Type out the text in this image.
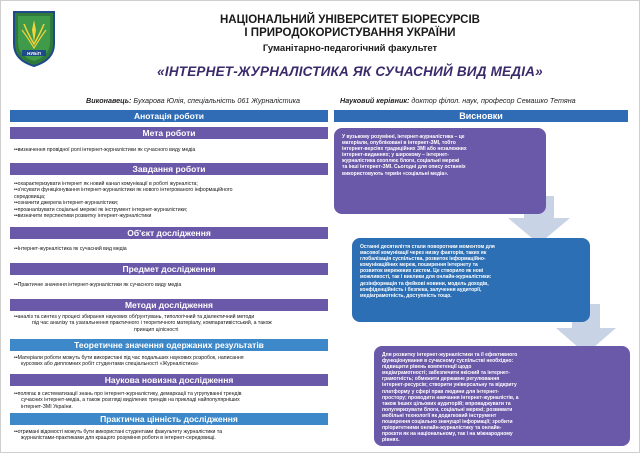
НУБіП
НАЦІОНАЛЬНИЙ УНІВЕРСИТЕТ БІОРЕСУРСІВ
І ПРИРОДОКОРИСТУВАННЯ УКРАЇНИ
Гуманітарно-педагогічний факультет
«ІНТЕРНЕТ-ЖУРНАЛІСТИКА ЯК СУЧАСНИЙ ВИД МЕДІА»
Виконавець: Бухарова Юлія, спеціальність 061 Журналістика	Науковий керівник: доктор філол. наук, професор Семашко Тетяна
Анотація роботи
Мета роботи
••визначення провідної ролі інтернет-журналістики як сучасного виду медіа
Завдання роботи
••охарактеризувати інтернет як новий канал комунікації в роботі журналіста;
••з'ясувати функціонування інтернет-журналістики як нового інтегрованого інформаційного
середовища;
••означити джерела інтернет-журналістики;
••проаналізувати соціальні мережі як інструмент інтернет-журналістики;
••визначити перспективи розвитку інтернет-журналістики
Об'єкт дослідження
••Інтернет-журналістика як сучасний вид медіа
Предмет дослідження
••Практичне значення інтернет-журналістики як сучасного виду медіа
Методи дослідження
••аналіз та синтез у процесі збирання наукових обґрунтувань, типологічний та діалектичний методи
під час аналізу та узагальнення практичного і теоретичного матеріалу, компаративістський, а також
принцип цілісності
Теоретичне значення одержаних результатів
••Матеріали роботи можуть бути використані під час подальших наукових розробок, написання
курсових або дипломних робіт студентами спеціальності «Журналістика»
Наукова новизна дослідження
••полягає в систематизації знань про інтернет-журналістику, демаркації та угрупуванні трендів
сучасних інтернет-медіа, а також розгляді виділених трендів на прикладі найпопулярніших
інтернет-ЗМІ України.
Практична цінність дослідження
••отримані відомості можуть бути використані студентами факультету журналістики та
журналістами-практиками для кращого розуміння роботи в інтернет-середовищі.
Висновки

У вузькому розумінні, інтернет-журналістика – це

матеріали, опубліковані в інтернет-ЗМІ, тобто

інтернет-версіях традиційних ЗМІ або незалежних

інтернет-виданнях; у широкому – інтернет-

журналістика охоплює блоги, соціальні мережі

та інші інтернет-ЗМІ. Сьогодні для опису останніх

використовують термін «соціальні медіа».

Останні десятиліття стали поворотним моментом для

масової комунікації через низку факторів, таких як

глобалізація суспільства, розвиток інформаційно-

комунікаційних мереж, поширення Інтернету та

розвиток мережевих систем. Це створило як нові

можливості, так і виклики для онлайн-журналістики:

дезінформація та фейкові новини, модель доходів,

конфіденційність і безпека, залучення аудиторії,

медіаграмотність, доступність тощо.

Для розвитку інтернет-журналістики та її ефективного

функціонування в сучасному суспільстві необхідно:

підвищити рівень компетенції щодо

медіаграмотності; забезпечити якісний та інтернет-

грамотність; обмежити державне регулювання

інтернет-ресурсів; створити універсальну та відкриту

платформу у сфері прав людини для інтернет-

простору; проводити навчання інтернет-журналістів, а

також інших цільових аудиторій; впроваджувати та

популяризувати блоги, соціальні мережі; розвивати

мобільні технології як додатковий інструмент

поширення соціально значущої інформації; зробити

пріоритетними онлайн-журналістику та онлайн-

проєкти як на національному, так і на міжнародному

рівнях.
